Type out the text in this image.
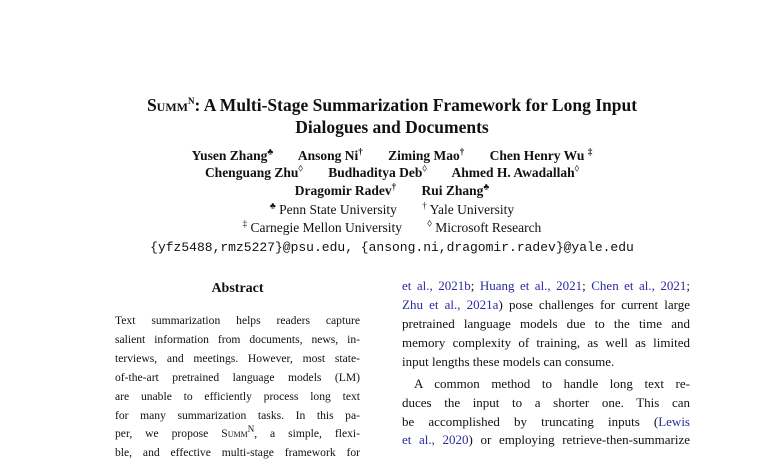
Summ$^N$: A Multi-Stage Summarization Framework for Long Input
Dialogues and Documents
Yusen Zhang♣ Ansong Ni† Ziming Mao† Chen Henry Wu ‡
Chenguang Zhu◊ Budhaditya Deb◊ Ahmed H. Awadallah◊
Dragomir Radev† Rui Zhang♣
♣ Penn State University	† Yale University
‡ Carnegie Mellon University	◊ Microsoft Research
{yfz5488,rmz5227}@psu.edu, {ansong.ni,dragomir.radev}@yale.edu
Abstract
Text summarization helps readers capture
salient information from documents, news, in-
terviews, and meetings. However, most state-
of-the-art pretrained language models (LM)
are unable to efficiently process long text
for many summarization tasks. In this pa-
per, we propose Summ$^N$, a simple, flexi-
ble, and effective multi-stage framework for
et al., 2021b; Huang et al., 2021; Chen et al., 2021;
Zhu et al., 2021a) pose challenges for current large
pretrained language models due to the time and
memory complexity of training, as well as limited
input lengths these models can consume.
A common method to handle long text re-
duces the input to a shorter one. This can
be accomplished by truncating inputs (Lewis
et al., 2020) or employing retrieve-then-summarize
